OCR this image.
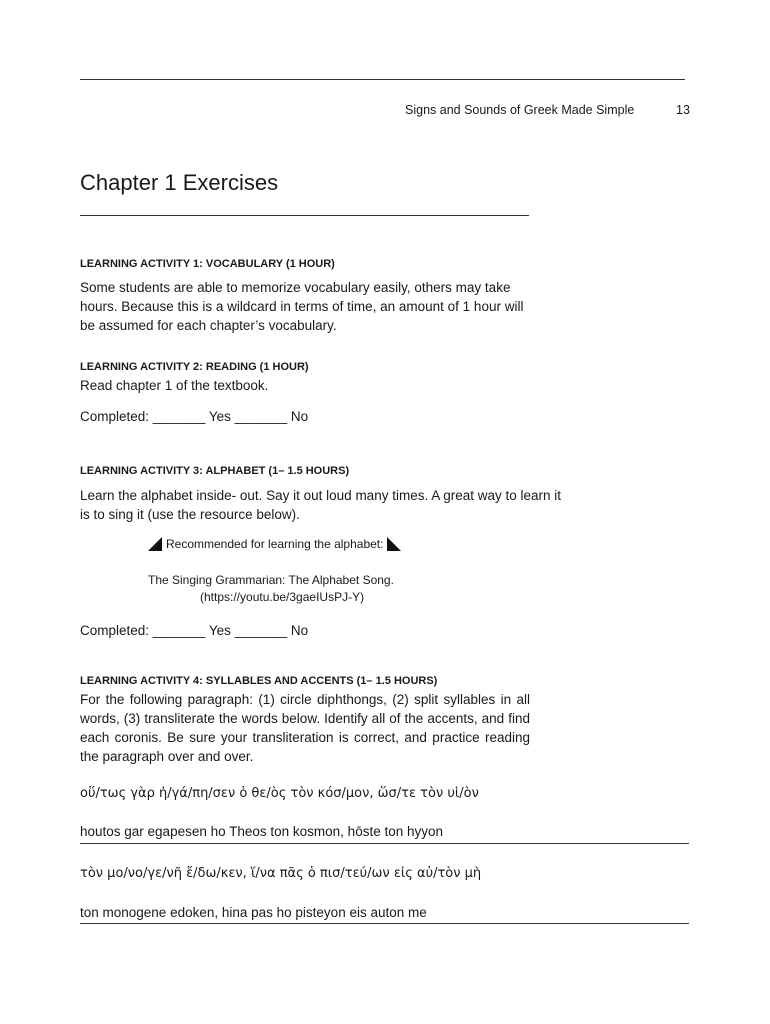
Signs and Sounds of Greek Made Simple	13
Chapter 1 Exercises
LEARNING ACTIVITY 1: VOCABULARY (1 HOUR)
Some students are able to memorize vocabulary easily, others may take hours. Because this is a wildcard in terms of time, an amount of 1 hour will be assumed for each chapter’s vocabulary.
LEARNING ACTIVITY 2: READING (1 HOUR)
Read chapter 1 of the textbook.
Completed: _______ Yes _______ No
LEARNING ACTIVITY 3: ALPHABET (1– 1.5 HOURS)
Learn the alphabet inside- out. Say it out loud many times. A great way to learn it is to sing it (use the resource below).
Recommended for learning the alphabet:
The Singing Grammarian: The Alphabet Song.
(https://youtu.be/3gaeIUsPJ-Y)
Completed: _______ Yes _______ No
LEARNING ACTIVITY 4: SYLLABLES AND ACCENTS (1– 1.5 HOURS)
For the following paragraph: (1) circle diphthongs, (2) split syllables in all words, (3) transliterate the words below. Identify all of the accents, and find each coronis. Be sure your transliteration is correct, and practice reading the paragraph over and over.
οὕ/τως γὰρ ἠ/γά/πη/σεν ὁ θε/ὸς τὸν κόσ/μον, ὥσ/τε τὸν υἱ/ὸν
houtos gar egapesen ho Theos ton kosmon, hōste ton hyyon
τὸν μο/νο/γε/νῆ ἔ/δω/κεν, ἵ/να πᾶς ὁ πισ/τεύ/ων εἰς αὐ/τὸν μὴ
ton monogene edoken, hina pas ho pisteyon eis auton me
